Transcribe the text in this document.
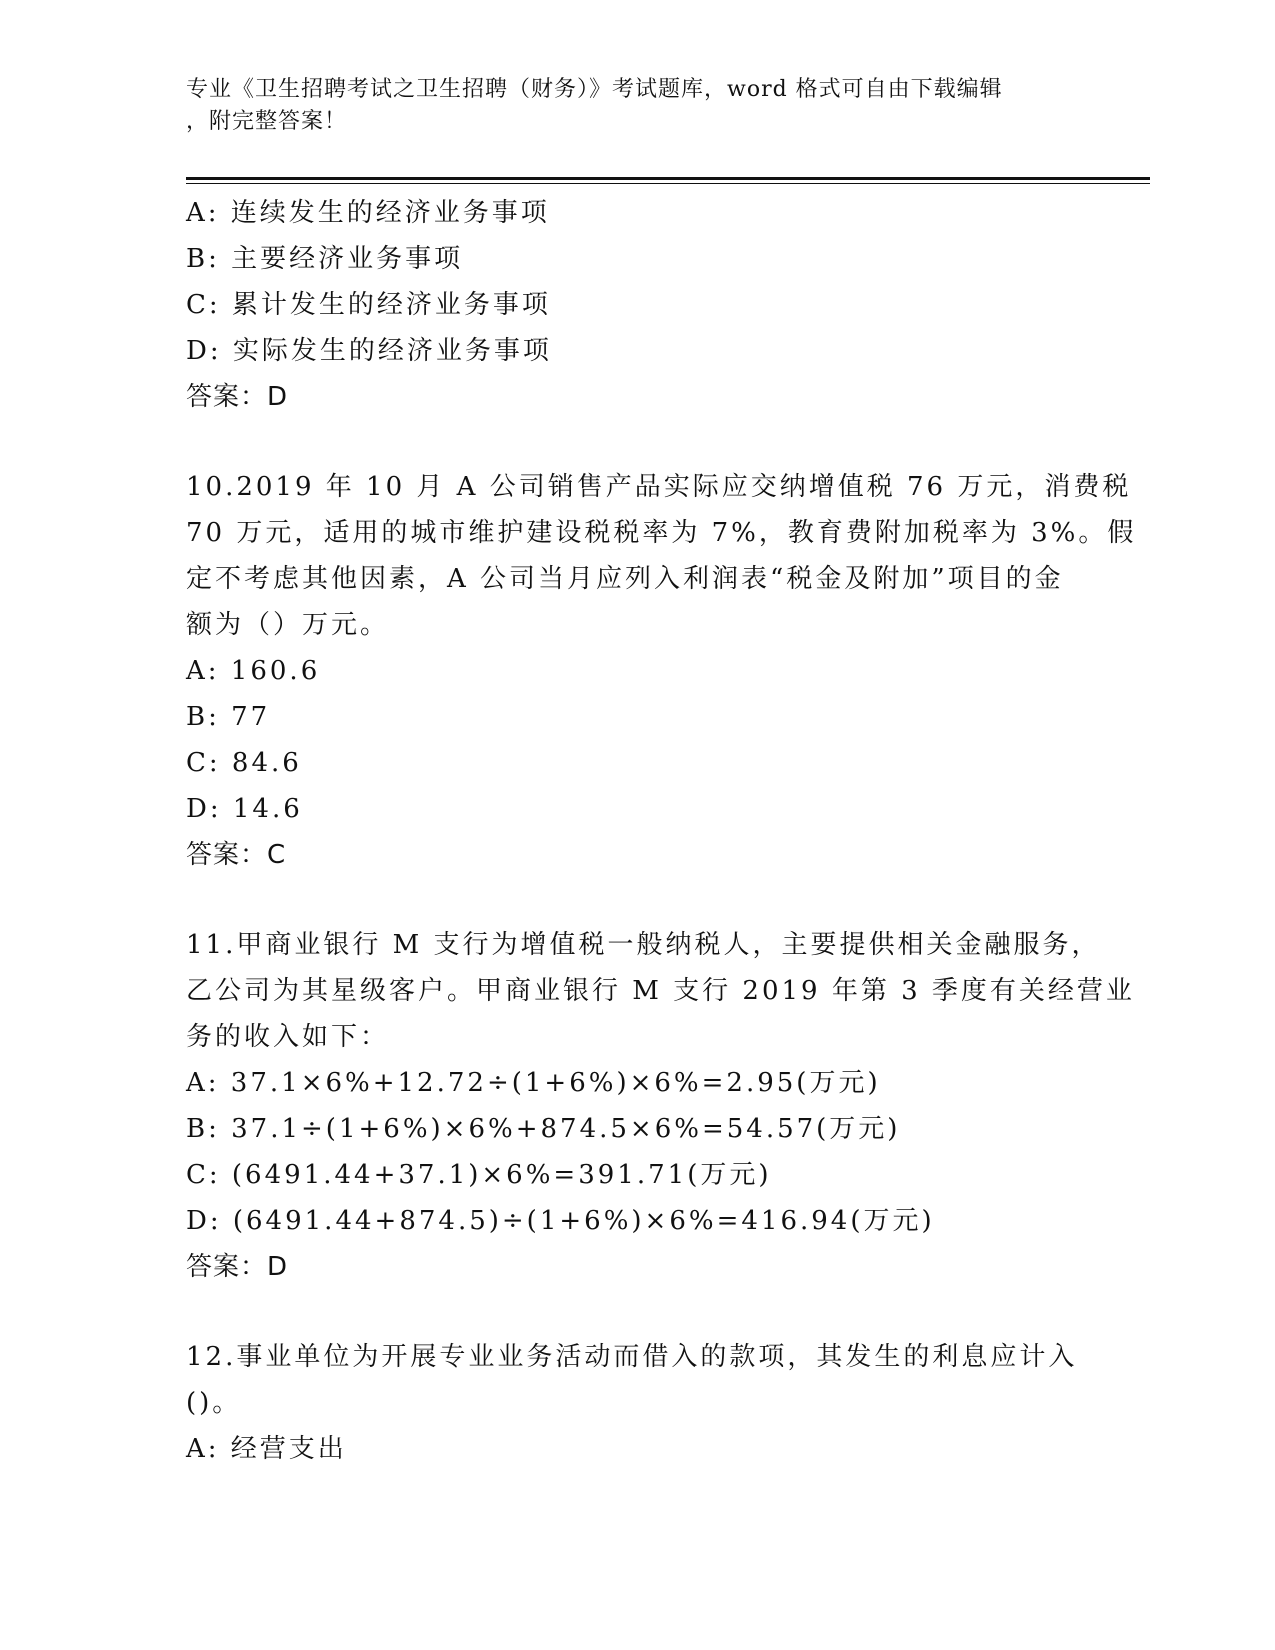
专业《卫生招聘考试之卫生招聘（财务）》考试题库，word 格式可自由下载编辑
，附完整答案！
A: 连续发生的经济业务事项
B: 主要经济业务事项
C: 累计发生的经济业务事项
D: 实际发生的经济业务事项
答案：D
10.2019 年 10 月 A 公司销售产品实际应交纳增值税 76 万元，消费税
70 万元，适用的城市维护建设税税率为 7%，教育费附加税率为 3%。假
定不考虑其他因素，A 公司当月应列入利润表“税金及附加”项目的金
额为（）万元。
A: 160.6
B: 77
C: 84.6
D: 14.6
答案：C
11.甲商业银行 M 支行为增值税一般纳税人，主要提供相关金融服务，
乙公司为其星级客户。甲商业银行 M 支行 2019 年第 3 季度有关经营业
务的收入如下：
A: 37.1×6%+12.72÷(1+6%)×6%=2.95(万元)
B: 37.1÷(1+6%)×6%+874.5×6%=54.57(万元)
C: (6491.44+37.1)×6%=391.71(万元)
D: (6491.44+874.5)÷(1+6%)×6%=416.94(万元)
答案：D
12.事业单位为开展专业业务活动而借入的款项，其发生的利息应计入
()。
A: 经营支出
